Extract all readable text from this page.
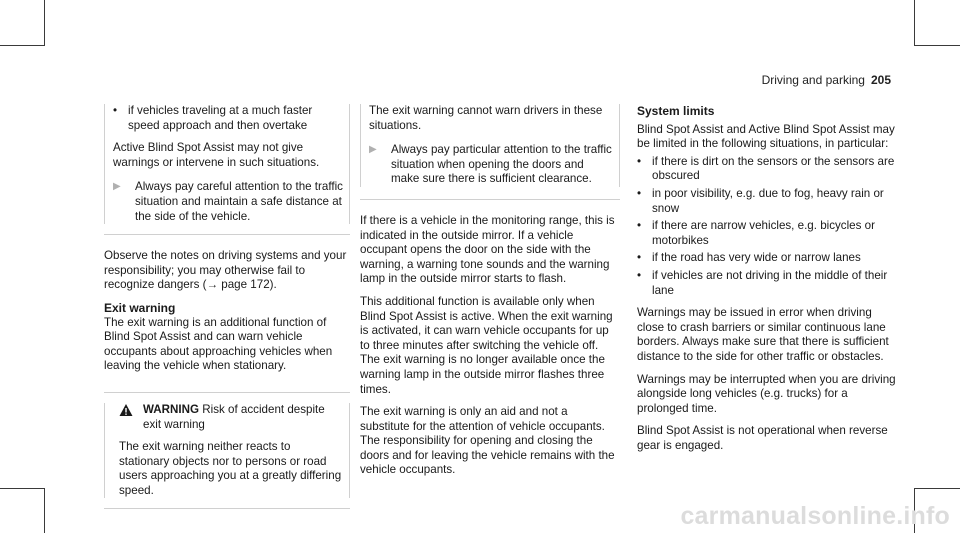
Driving and parking 205
• if vehicles traveling at a much faster speed approach and then overtake

Active Blind Spot Assist may not give warnings or intervene in such situations.

▶	Always pay careful attention to the traffic situation and maintain a safe distance at the side of the vehicle.

Observe the notes on driving systems and your responsibility; you may otherwise fail to recognize dangers (→ page 172).

Exit warning

The exit warning is an additional function of Blind Spot Assist and can warn vehicle occupants about approaching vehicles when leaving the vehicle when stationary.

WARNING Risk of accident despite exit warning

The exit warning neither reacts to stationary objects nor to persons or road users approaching you at a greatly differing speed.

The exit warning cannot warn drivers in these situations.

▶	Always pay particular attention to the traffic situation when opening the doors and make sure there is sufficient clearance.

If there is a vehicle in the monitoring range, this is indicated in the outside mirror. If a vehicle occupant opens the door on the side with the warning, a warning tone sounds and the warning lamp in the outside mirror starts to flash.

This additional function is available only when Blind Spot Assist is active. When the exit warning is activated, it can warn vehicle occupants for up to three minutes after switching the vehicle off. The exit warning is no longer available once the warning lamp in the outside mirror flashes three times.

The exit warning is only an aid and not a substitute for the attention of vehicle occupants. The responsibility for opening and closing the doors and for leaving the vehicle remains with the vehicle occupants.

System limits

Blind Spot Assist and Active Blind Spot Assist may be limited in the following situations, in particular:

• if there is dirt on the sensors or the sensors are obscured
• in poor visibility, e.g. due to fog, heavy rain or snow
• if there are narrow vehicles, e.g. bicycles or motorbikes
• if the road has very wide or narrow lanes
• if vehicles are not driving in the middle of their lane

Warnings may be issued in error when driving close to crash barriers or similar continuous lane borders. Always make sure that there is sufficient distance to the side for other traffic or obstacles.

Warnings may be interrupted when you are driving alongside long vehicles (e.g. trucks) for a prolonged time.

Blind Spot Assist is not operational when reverse gear is engaged.

carmanualsonline.info
